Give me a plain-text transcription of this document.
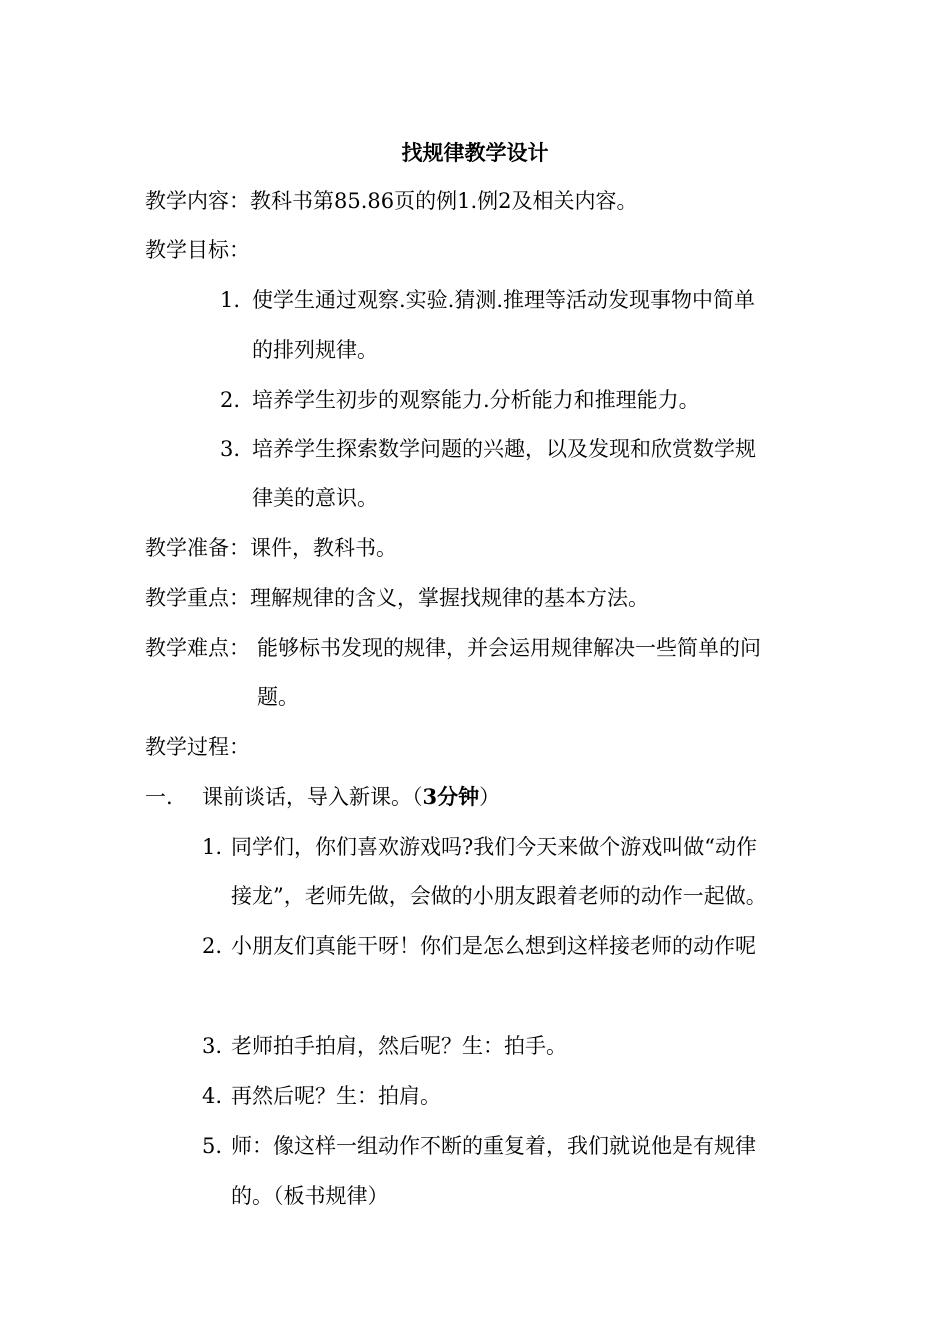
找规律教学设计
教学内容：教科书第85.86页的例1.例2及相关内容。
教学目标：
1. 使学生通过观察.实验.猜测.推理等活动发现事物中简单
的排列规律。
2. 培养学生初步的观察能力.分析能力和推理能力。
3. 培养学生探索数学问题的兴趣，以及发现和欣赏数学规
律美的意识。
教学准备：课件，教科书。
教学重点：理解规律的含义，掌握找规律的基本方法。
教学难点： 能够标书发现的规律，并会运用规律解决一些简单的问
题。
教学过程：
一. 课前谈话，导入新课。（3分钟）
1. 同学们，你们喜欢游戏吗?我们今天来做个游戏叫做“动作
接龙”，老师先做，会做的小朋友跟着老师的动作一起做。
2. 小朋友们真能干呀！你们是怎么想到这样接老师的动作呢
3. 老师拍手拍肩，然后呢？生：拍手。
4. 再然后呢？生：拍肩。
5. 师：像这样一组动作不断的重复着，我们就说他是有规律
的。（板书规律）
